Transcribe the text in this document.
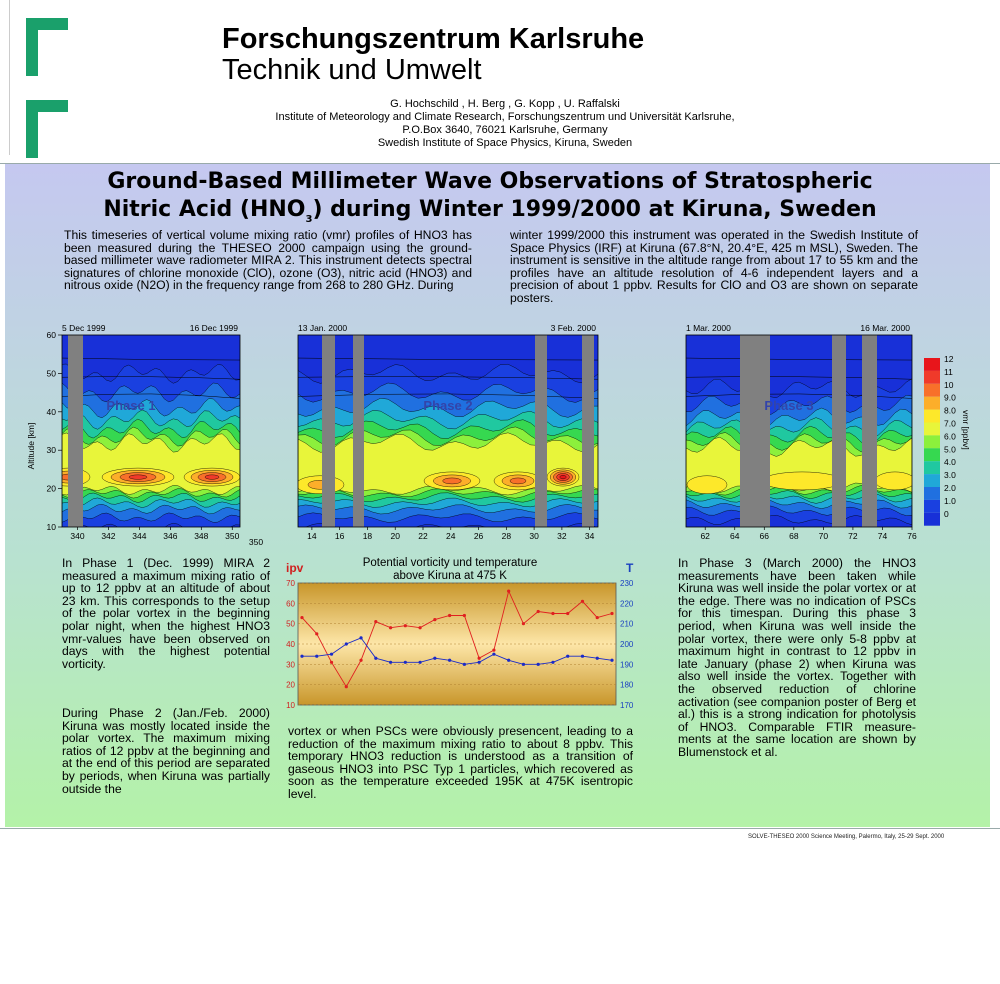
Forschungszentrum Karlsruhe
Technik und Umwelt
G. Hochschild , H. Berg , G. Kopp , U. Raffalski
Institute of Meteorology and Climate Research, Forschungszentrum und Universität Karlsruhe,
P.O.Box 3640, 76021 Karlsruhe, Germany
Swedish Institute of Space Physics, Kiruna, Sweden
Ground-Based Millimeter Wave Observations of Stratospheric
Nitric Acid $(HNO_3)$ during Winter 1999/2000 at Kiruna, Sweden
This timeseries of vertical volume mixing ratio (vmr) profiles of HNO3 has been measured during the THESEO 2000 campaign using the ground-based millimeter wave radiometer MIRA 2. This instrument detects spectral signatures of chlorine monoxide (ClO), ozone (O3), nitric acid (HNO3) and nitrous oxide (N2O) in the frequency range from 268 to 280 GHz. During
winter 1999/2000 this instrument was operated in the Swedish Institute of Space Physics (IRF) at Kiruna (67.8°N, 20.4°E, 425 m MSL), Sweden. The instrument is sensitive in the altitude range from about 17 to 55 km and the profiles have an altitude resolution of 4-6 independent layers and a precision of about 1 ppbv. Results for ClO and O3 are shown on separate posters.
Altitude [km]
60
50
40
30
20
10
Phase 1
5 Dec 1999	16 Dec 1999
340 342 344 346 348 350
350
Phase 2
13 Jan. 2000	3 Feb. 2000
14 16 18 20 22 24 26 28 30 32 34
Phase 3
1 Mar. 2000	16 Mar. 2000
62 64 66 68 70 72 74 76
12
11
10
9.0
8.0
7.0
6.0
5.0
4.0
3.0
2.0
1.0
0
vmr [ppbv]
In Phase 1 (Dec. 1999) MIRA 2 measured a maximum mixing ratio of up to 12 ppbv at an altitude of about 23 km. This corresponds to the setup of the polar vortex in the beginning polar night, when the highest HNO3 vmr-values have been observed on days with the highest potential vorticity.
During Phase 2 (Jan./Feb. 2000) Kiruna was mostly located inside the polar vortex. The maximum mixing ratios of 12 ppbv at the beginning and at the end of this period are separated by periods, when Kiruna was partially outside the
vortex or when PSCs were obviously presencent, leading to a reduction of the maximum mixing ratio to about 8 ppbv. This temporary HNO3 reduction is understood as a transition of gaseous HNO3 into PSC Typ 1 particles, which recovered as soon as the temperature exceeded 195K at 475K isentropic level.
In Phase 3 (March 2000) the HNO3 measurements have been taken while Kiruna was well inside the polar vortex or at the edge. There was no indication of PSCs for this timespan. During this phase 3 period, when Kiruna was well inside the polar vortex, there were only 5-8 ppbv at maximum hight in contrast to 12 ppbv in late January (phase 2) when Kiruna was also well inside the vortex. Together with the observed reduction of chlorine activation (see companion poster of Berg et al.) this is a strong indication for photolysis of HNO3. Comparable FTIR measure-ments at the same location are shown by Blumenstock et al.
Potential vorticity und temperature
above Kiruna at 475 K
ipv	T
70
60
50
40
30
20
10
230
220
210
200
190
180
170
SOLVE-THESEO 2000 Science Meeting, Palermo, Italy, 25-29 Sept. 2000
